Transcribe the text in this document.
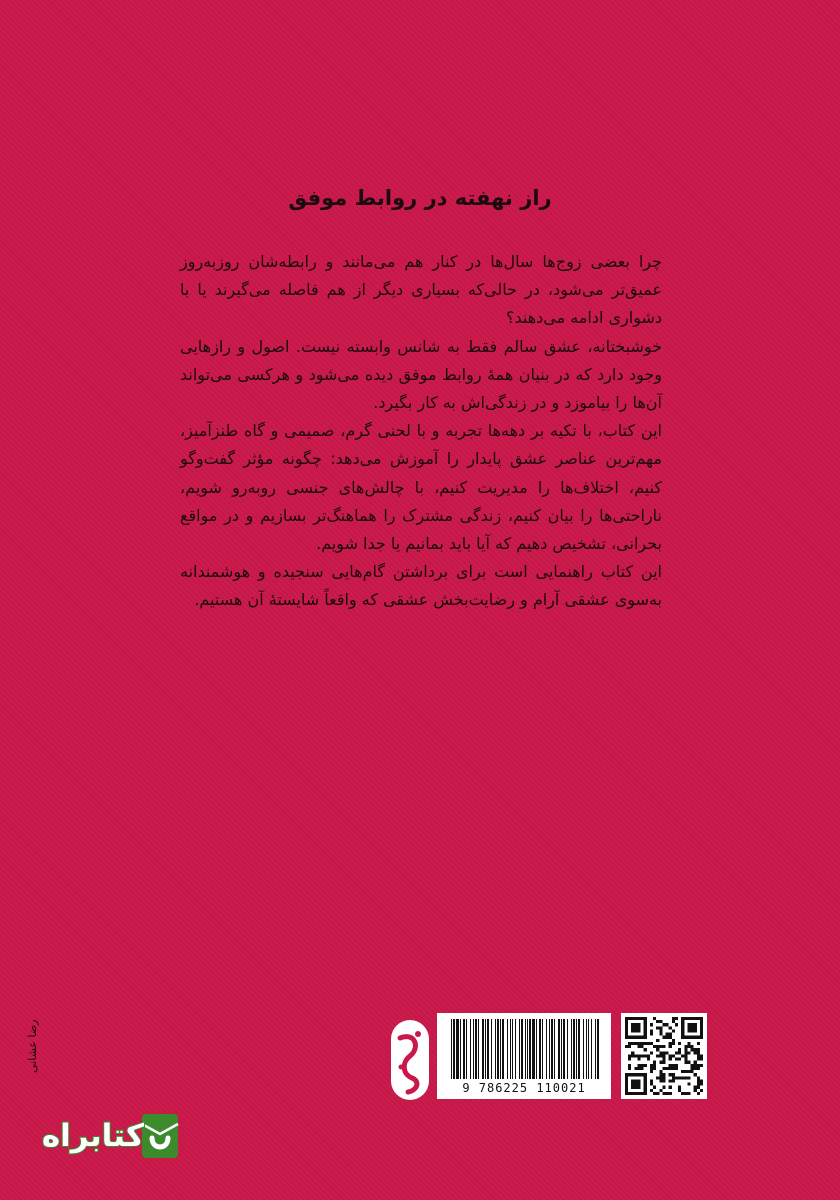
راز نهفته در روابط موفق

چرا بعضی زوج‌ها سال‌ها در کنار هم می‌مانند و رابطه‌شان روزبه‌روز عمیق‌تر می‌شود، در حالی‌که بسیاری دیگر از هم فاصله می‌گیرند یا با دشواری ادامه می‌دهند؟

خوشبختانه، عشق سالم فقط به شانس وابسته نیست. اصول و رازهایی وجود دارد که در بنیان همهٔ روابط موفق دیده می‌شود و هرکسی می‌تواند آن‌ها را بیاموزد و در زندگی‌اش به کار بگیرد.

این کتاب، با تکیه بر دهه‌ها تجربه و با لحنی گرم، صمیمی و گاه طنزآمیز، مهم‌ترین عناصر عشق پایدار را آموزش می‌دهد: چگونه مؤثر گفت‌وگو کنیم، اختلاف‌ها را مدیریت کنیم، با چالش‌های جنسی روبه‌رو شویم، ناراحتی‌ها را بیان کنیم، زندگی مشترک را هماهنگ‌تر بسازیم و در مواقع بحرانی، تشخیص دهیم که آیا باید بمانیم یا جدا شویم.

این کتاب راهنمایی است برای برداشتن گام‌هایی سنجیده و هوشمندانه به‌سوی عشقی آرام و رضایت‌بخش عشقی که واقعاً شایستهٔ آن هستیم.

رضا عشانی
9 786225 110021
کتابراه
